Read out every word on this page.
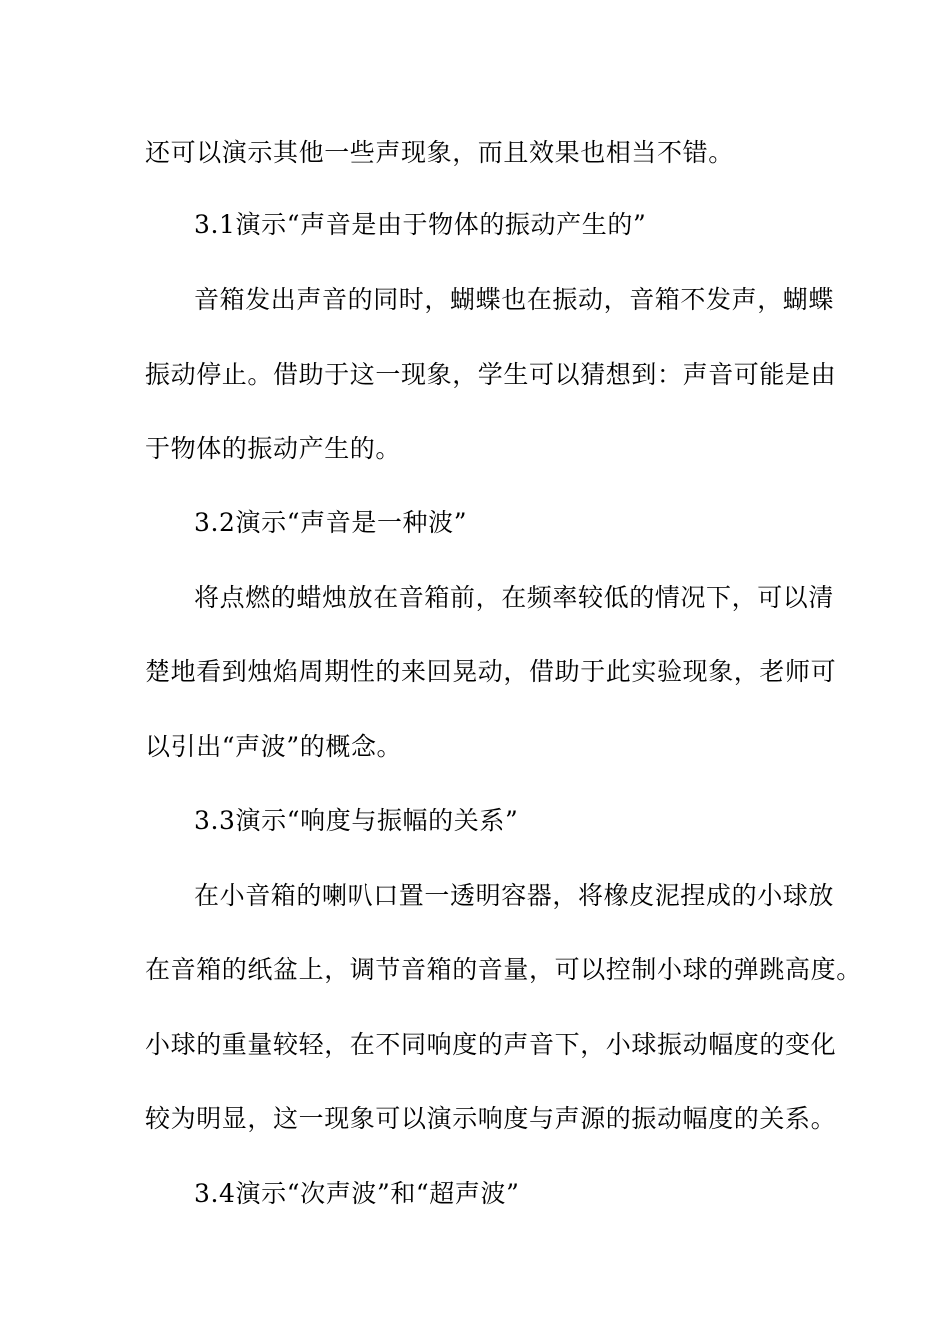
还可以演示其他一些声现象，而且效果也相当不错。
3.1演示“声音是由于物体的振动产生的”
音箱发出声音的同时，蝴蝶也在振动，音箱不发声，蝴蝶
振动停止。借助于这一现象，学生可以猜想到：声音可能是由
于物体的振动产生的。
3.2演示“声音是一种波”
将点燃的蜡烛放在音箱前，在频率较低的情况下，可以清
楚地看到烛焰周期性的来回晃动，借助于此实验现象，老师可
以引出“声波”的概念。
3.3演示“响度与振幅的关系”
在小音箱的喇叭口置一透明容器，将橡皮泥捏成的小球放
在音箱的纸盆上，调节音箱的音量，可以控制小球的弹跳高度。
小球的重量较轻，在不同响度的声音下，小球振动幅度的变化
较为明显，这一现象可以演示响度与声源的振动幅度的关系。
3.4演示“次声波”和“超声波”
